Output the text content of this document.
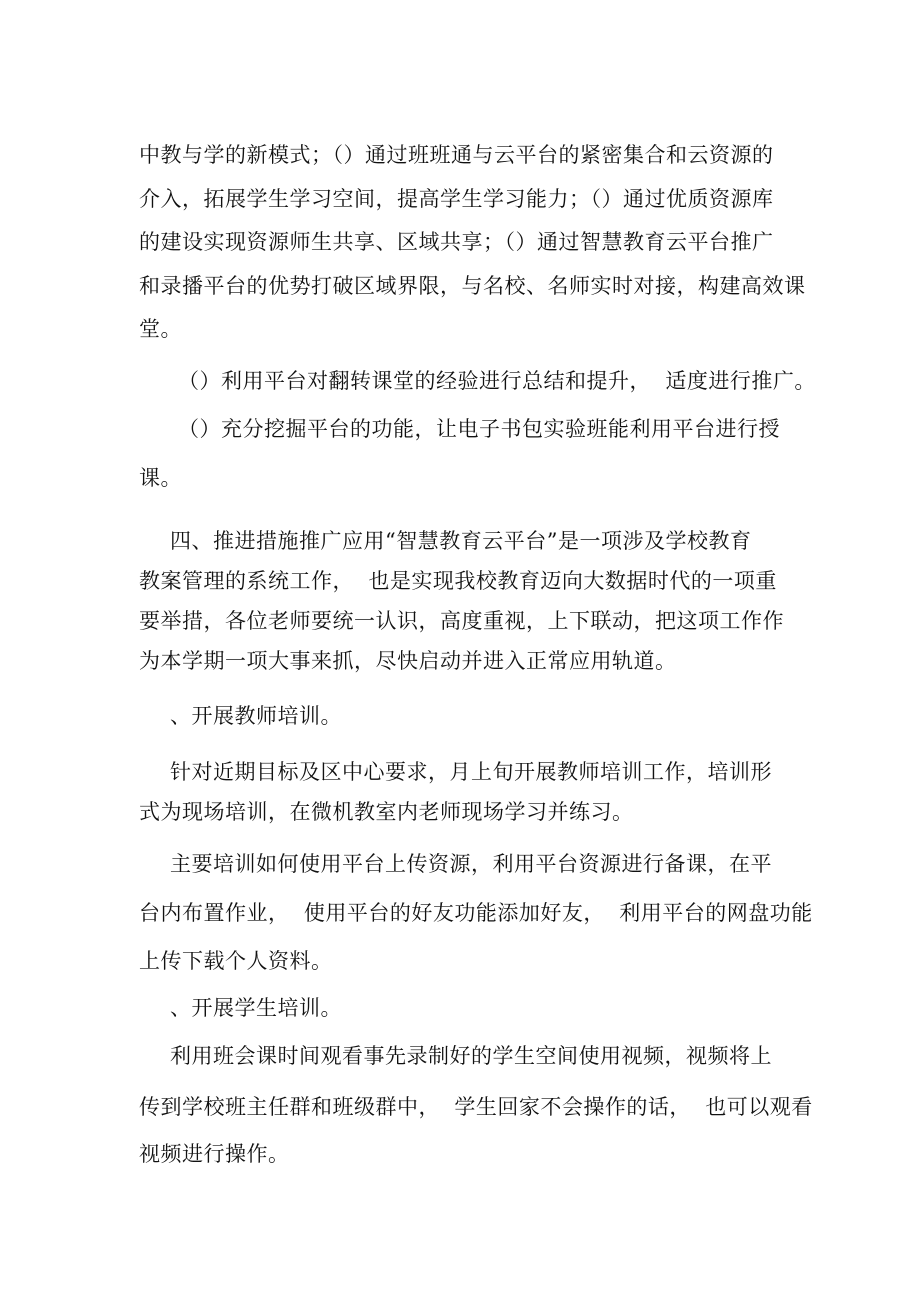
中教与学的新模式；（）通过班班通与云平台的紧密集合和云资源的
介入，拓展学生学习空间，提高学生学习能力；（）通过优质资源库
的建设实现资源师生共享、区域共享；（）通过智慧教育云平台推广
和录播平台的优势打破区域界限，与名校、名师实时对接，构建高效课
堂。
（）利用平台对翻转课堂的经验进行总结和提升，  适度进行推广。
（）充分挖掘平台的功能，让电子书包实验班能利用平台进行授
课。
四、推进措施推广应用“智慧教育云平台”是一项涉及学校教育
教案管理的系统工作，  也是实现我校教育迈向大数据时代的一项重
要举措，各位老师要统一认识，高度重视，上下联动，把这项工作作
为本学期一项大事来抓，尽快启动并进入正常应用轨道。
、开展教师培训。
针对近期目标及区中心要求，月上旬开展教师培训工作，培训形
式为现场培训，在微机教室内老师现场学习并练习。
主要培训如何使用平台上传资源，利用平台资源进行备课，在平
台内布置作业，  使用平台的好友功能添加好友，  利用平台的网盘功能
上传下载个人资料。
、开展学生培训。
利用班会课时间观看事先录制好的学生空间使用视频，视频将上
传到学校班主任群和班级群中，  学生回家不会操作的话，  也可以观看
视频进行操作。
